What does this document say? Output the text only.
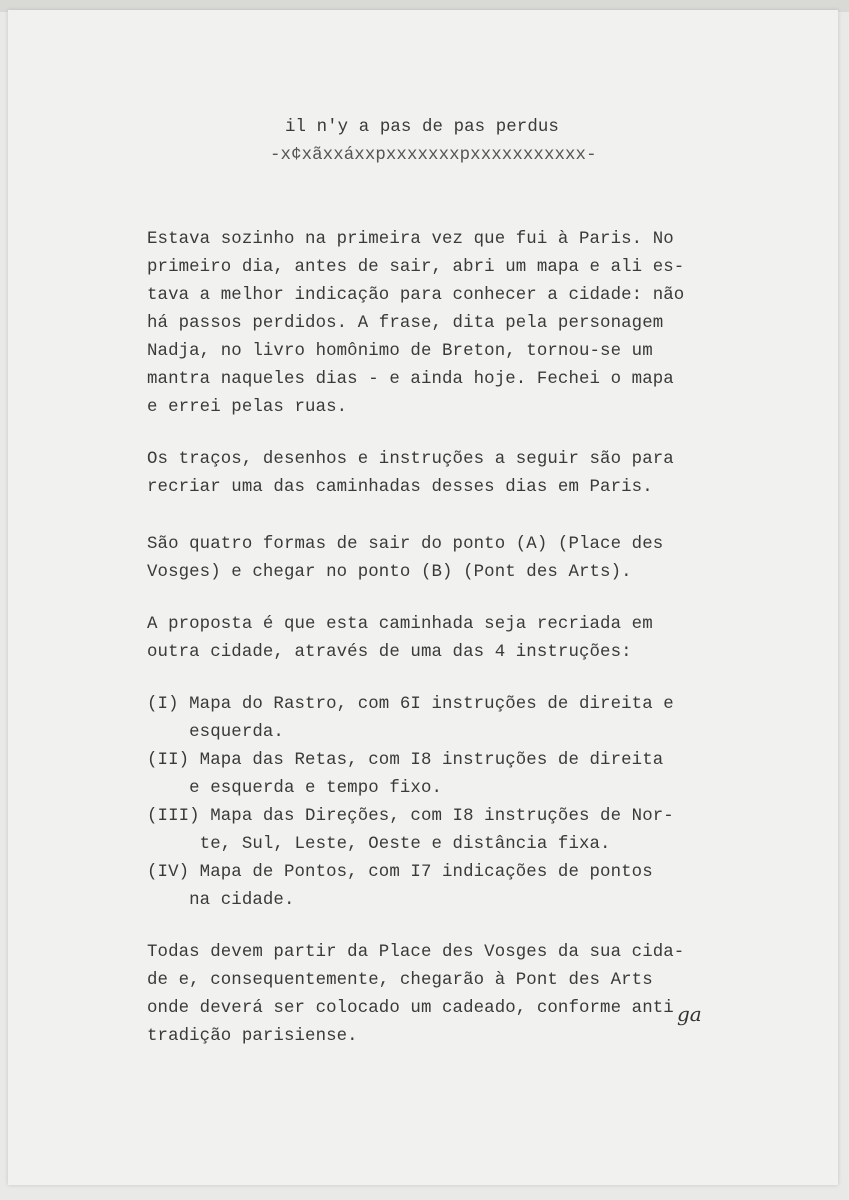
il n′y a pas de pas perdus
-x¢xãxxáxxpxxxxxxxpxxxxxxxxxxx-
Estava sozinho na primeira vez que fui à Paris. No
primeiro dia, antes de sair, abri um mapa e ali es-
tava a melhor indicação para conhecer a cidade: não
há passos perdidos. A frase, dita pela personagem
Nadja, no livro homônimo de Breton, tornou-se um
mantra naqueles dias - e ainda hoje. Fechei o mapa
e errei pelas ruas.
Os traços, desenhos e instruções a seguir são para
recriar uma das caminhadas desses dias em Paris.
São quatro formas de sair do ponto (A) (Place des
Vosges) e chegar no ponto (B) (Pont des Arts).
A proposta é que esta caminhada seja recriada em
outra cidade, através de uma das 4 instruções:
(I) Mapa do Rastro, com 6I instruções de direita e
esquerda.
(II) Mapa das Retas, com I8 instruções de direita
e esquerda e tempo fixo.
(III) Mapa das Direções, com I8 instruções de Nor-
te, Sul, Leste, Oeste e distância fixa.
(IV) Mapa de Pontos, com I7 indicações de pontos
na cidade.
Todas devem partir da Place des Vosges da sua cida-
de e, consequentemente, chegarão à Pont des Arts
onde deverá ser colocado um cadeado, conforme anti
tradição parisiense.
ga
